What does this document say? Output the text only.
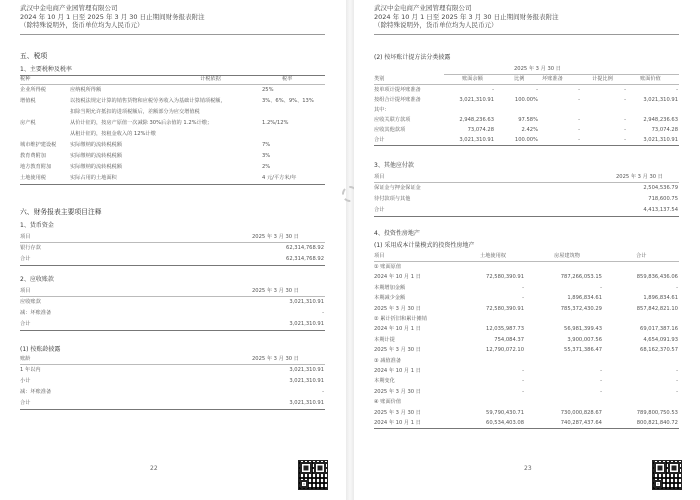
武汉中金电商产业园管理有限公司
2024 年 10 月 1 日至 2025 年 3 月 30 日止期间财务报表附注
（除特殊说明外，货币单位均为人民币元）
五、税项
1、主要税种及税率
税种	计税依据	税率
企业所得税	应纳税所得额	25%
增值税	以按税法规定计算的销售货物和应税劳务收入为基础计算销项税额，	3%、6%、9%、13%
扣除当期允许抵扣的进项税额后，差额部分为应交增值税
房产税	从价计征的，按房产原值一次减除 30%后余值的 1.2%计缴；	1.2%/12%
从租计征的，按租金收入的 12%计缴
城市维护建设税	实际缴纳的流转税税额	7%
教育费附加	实际缴纳的流转税税额	3%
地方教育附加	实际缴纳的流转税税额	2%
土地使用税	实际占用的土地面积	4 元/平方米/年
六、财务报表主要项目注释
1、货币资金
项目	2025 年 3 月 30 日
银行存款	62,314,768.92
合计	62,314,768.92
2、应收账款
项目	2025 年 3 月 30 日
应收账款	3,021,310.91
减：坏账准备	-
合计	3,021,310.91
(1) 按账龄披露
账龄	2025 年 3 月 30 日
1 年以内	3,021,310.91
小计	3,021,310.91
减：坏账准备	-
合计	3,021,310.91
22
武汉中金电商产业园管理有限公司
2024 年 10 月 1 日至 2025 年 3 月 30 日止期间财务报表附注
（除特殊说明外，货币单位均为人民币元）
(2) 按坏账计提方法分类披露
2025 年 3 月 30 日
类别	账面余额	比例	坏账准备	计提比例	账面价值
按单项计提坏账准备	-	-	-	-	-
按组合计提坏账准备	3,021,310.91	100.00%	-	-	3,021,310.91
其中：
应收关联方款项	2,948,236.63	97.58%	-	-	2,948,236.63
应收其他款项	73,074.28	2.42%	-	-	73,074.28
合计	3,021,310.91	100.00%	-	-	3,021,310.91
3、其他应付款
项目	2025 年 3 月 30 日
保证金与押金保证金	2,504,536.79
待付款项与其他	718,600.75
合计	4,413,137.54
4、投资性房地产
(1) 采用成本计量模式的投资性房地产
项目	土地使用权	房屋建筑物	合计
① 账面原值
2024 年 10 月 1 日	72,580,390.91	787,266,053.15	859,836,436.06
本期增加金额	-	-	-
本期减少金额	-	1,896,834.61	1,896,834.61
2025 年 3 月 30 日	72,580,390.91	785,372,430.29	857,842,821.10
② 累计折旧和累计摊销
2024 年 10 月 1 日	12,035,987.73	56,981,399.43	69,017,387.16
本期计提	754,084.37	3,900,007.56	4,654,091.93
2025 年 3 月 30 日	12,790,072.10	55,371,386.47	68,162,370.57
③ 减值准备
2024 年 10 月 1 日	-	-	-
本期变化	-	-	-
2025 年 3 月 30 日	-	-	-
④ 账面价值
2025 年 3 月 30 日	59,790,430.71	730,000,828.67	789,800,750.53
2024 年 10 月 1 日	60,534,403.08	740,287,437.64	800,821,840.72
23
